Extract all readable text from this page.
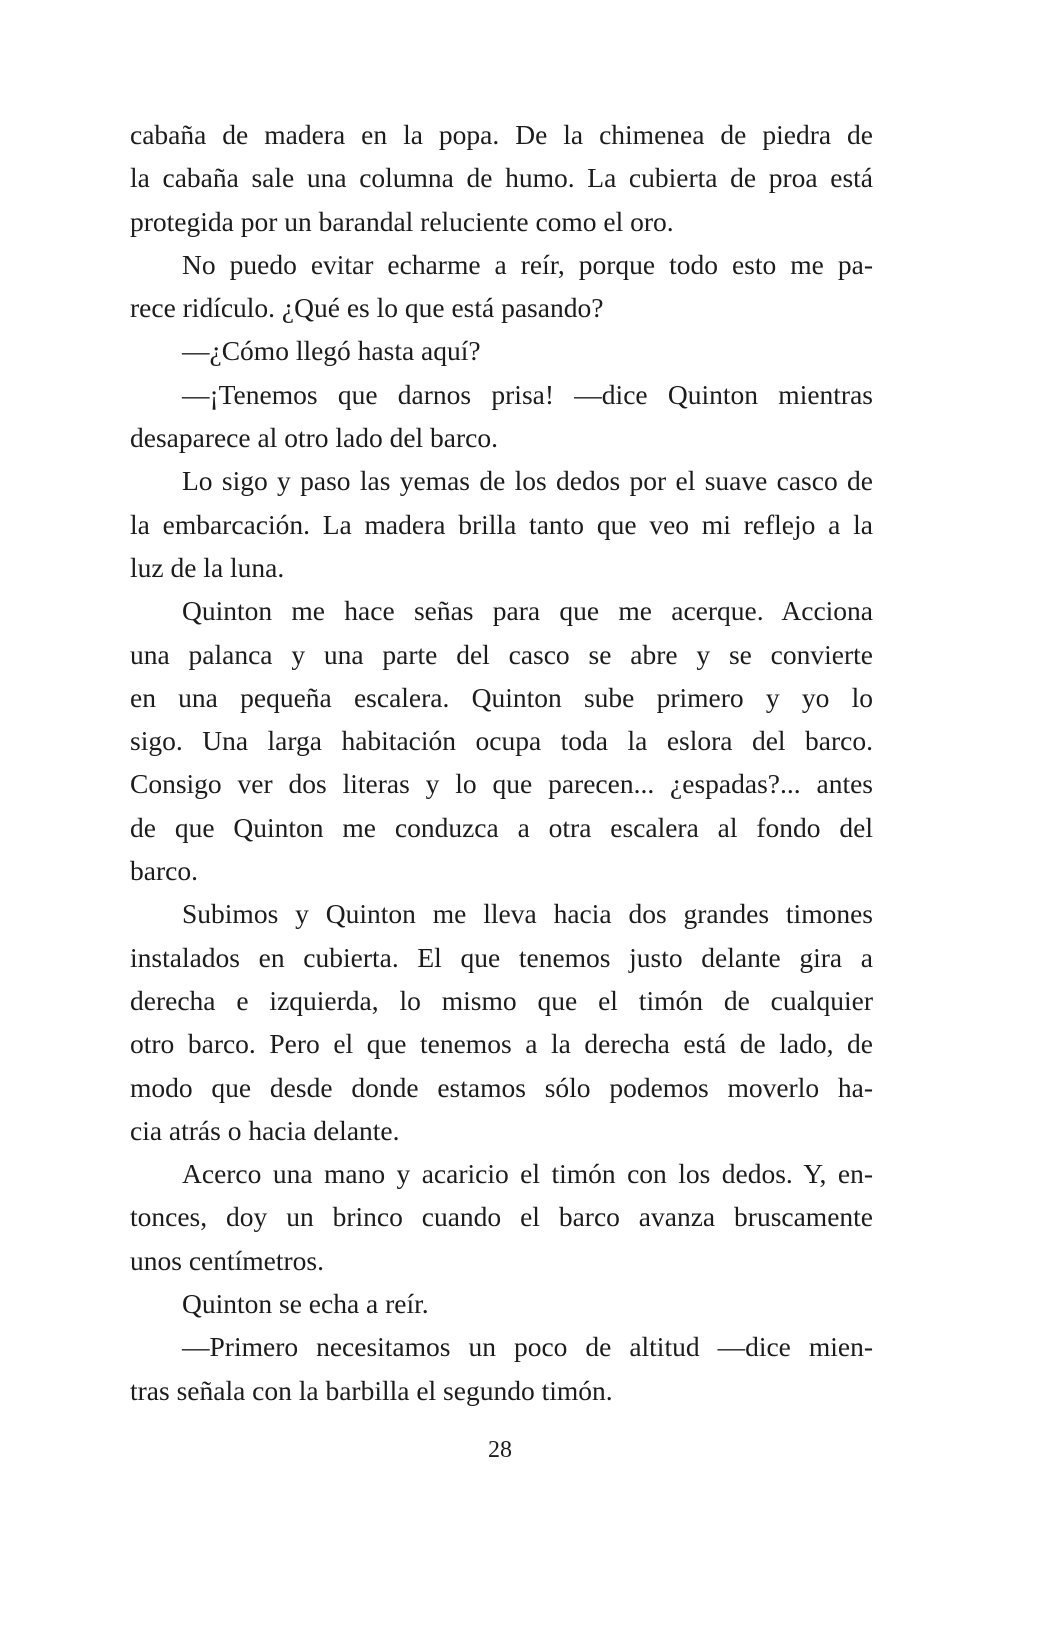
cabaña de madera en la popa. De la chimenea de piedra de
la cabaña sale una columna de humo. La cubierta de proa está
protegida por un barandal reluciente como el oro.
No puedo evitar echarme a reír, porque todo esto me pa-
rece ridículo. ¿Qué es lo que está pasando?
—¿Cómo llegó hasta aquí?
—¡Tenemos que darnos prisa! —dice Quinton mientras
desaparece al otro lado del barco.
Lo sigo y paso las yemas de los dedos por el suave casco de
la embarcación. La madera brilla tanto que veo mi reflejo a la
luz de la luna.
Quinton me hace señas para que me acerque. Acciona
una palanca y una parte del casco se abre y se convierte
en una pequeña escalera. Quinton sube primero y yo lo
sigo. Una larga habitación ocupa toda la eslora del barco.
Consigo ver dos literas y lo que parecen... ¿espadas?... antes
de que Quinton me conduzca a otra escalera al fondo del
barco.
Subimos y Quinton me lleva hacia dos grandes timones
instalados en cubierta. El que tenemos justo delante gira a
derecha e izquierda, lo mismo que el timón de cualquier
otro barco. Pero el que tenemos a la derecha está de lado, de
modo que desde donde estamos sólo podemos moverlo ha-
cia atrás o hacia delante.
Acerco una mano y acaricio el timón con los dedos. Y, en-
tonces, doy un brinco cuando el barco avanza bruscamente
unos centímetros.
Quinton se echa a reír.
—Primero necesitamos un poco de altitud —dice mien-
tras señala con la barbilla el segundo timón.
28
